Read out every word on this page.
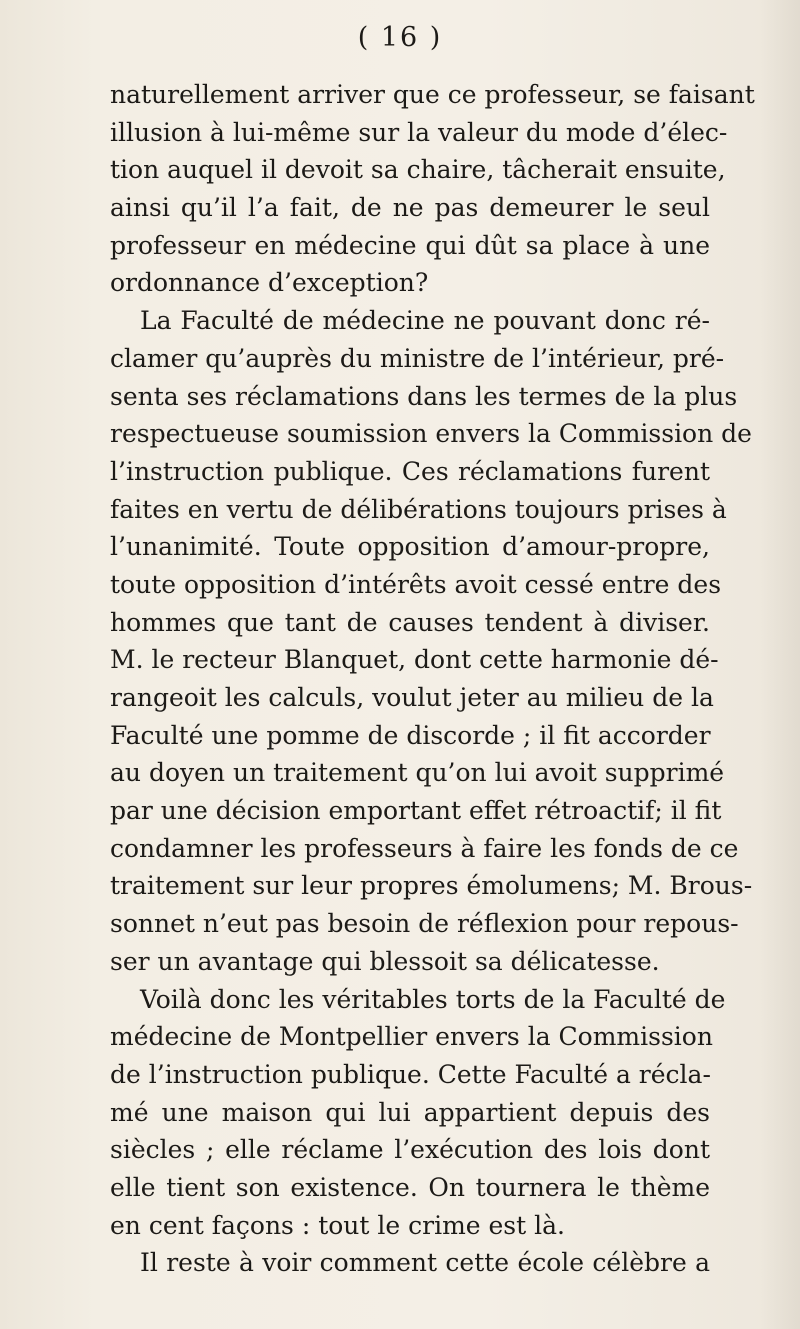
( 16 )
naturellement arriver que ce professeur, se faisant
illusion à lui-même sur la valeur du mode d’élec-
tion auquel il devoit sa chaire, tâcherait ensuite,
ainsi qu’il l’a fait, de ne pas demeurer le seul
professeur en médecine qui dût sa place à une
ordonnance d’exception?
La Faculté de médecine ne pouvant donc ré-
clamer qu’auprès du ministre de l’intérieur, pré-
senta ses réclamations dans les termes de la plus
respectueuse soumission envers la Commission de
l’instruction publique. Ces réclamations furent
faites en vertu de délibérations toujours prises à
l’unanimité. Toute opposition d’amour-propre,
toute opposition d’intérêts avoit cessé entre des
hommes que tant de causes tendent à diviser.
M. le recteur Blanquet, dont cette harmonie dé-
rangeoit les calculs, voulut jeter au milieu de la
Faculté une pomme de discorde ; il fit accorder
au doyen un traitement qu’on lui avoit supprimé
par une décision emportant effet rétroactif; il fit
condamner les professeurs à faire les fonds de ce
traitement sur leur propres émolumens; M. Brous-
sonnet n’eut pas besoin de réflexion pour repous-
ser un avantage qui blessoit sa délicatesse.
Voilà donc les véritables torts de la Faculté de
médecine de Montpellier envers la Commission
de l’instruction publique. Cette Faculté a récla-
mé une maison qui lui appartient depuis des
siècles ; elle réclame l’exécution des lois dont
elle tient son existence. On tournera le thème
en cent façons : tout le crime est là.
Il reste à voir comment cette école célèbre a
